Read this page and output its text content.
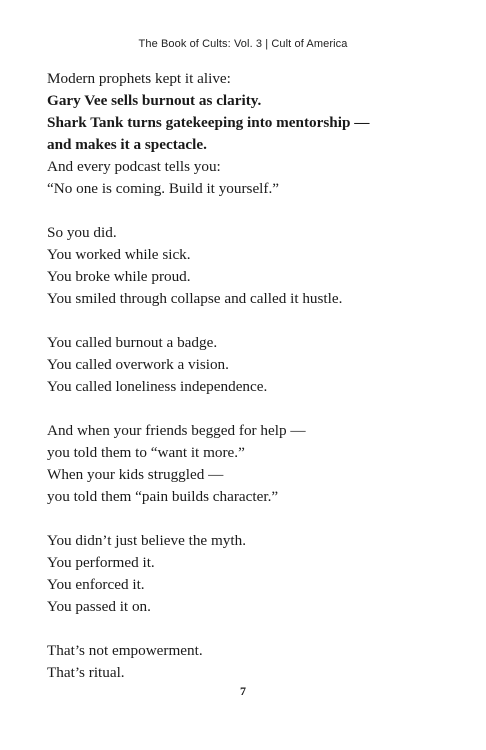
The Book of Cults: Vol. 3 | Cult of America
Modern prophets kept it alive:
Gary Vee sells burnout as clarity.
Shark Tank turns gatekeeping into mentorship —
and makes it a spectacle.
And every podcast tells you:
“No one is coming. Build it yourself.”
So you did.
You worked while sick.
You broke while proud.
You smiled through collapse and called it hustle.
You called burnout a badge.
You called overwork a vision.
You called loneliness independence.
And when your friends begged for help —
you told them to “want it more.”
When your kids struggled —
you told them “pain builds character.”
You didn’t just believe the myth.
You performed it.
You enforced it.
You passed it on.
That’s not empowerment.
That’s ritual.
7
